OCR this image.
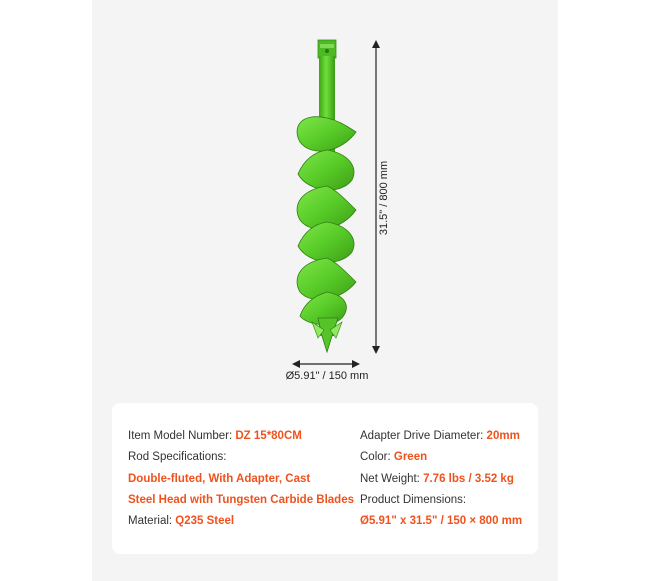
31.5" / 800 mm
Ø5.91" / 150 mm
Item Model Number: DZ 15*80CM
Rod Specifications:
Double-fluted, With Adapter, Cast
Steel Head with Tungsten Carbide Blades
Material: Q235 Steel
Adapter Drive Diameter: 20mm
Color: Green
Net Weight: 7.76 lbs / 3.52 kg
Product Dimensions:
Ø5.91" x 31.5" / 150 × 800 mm
